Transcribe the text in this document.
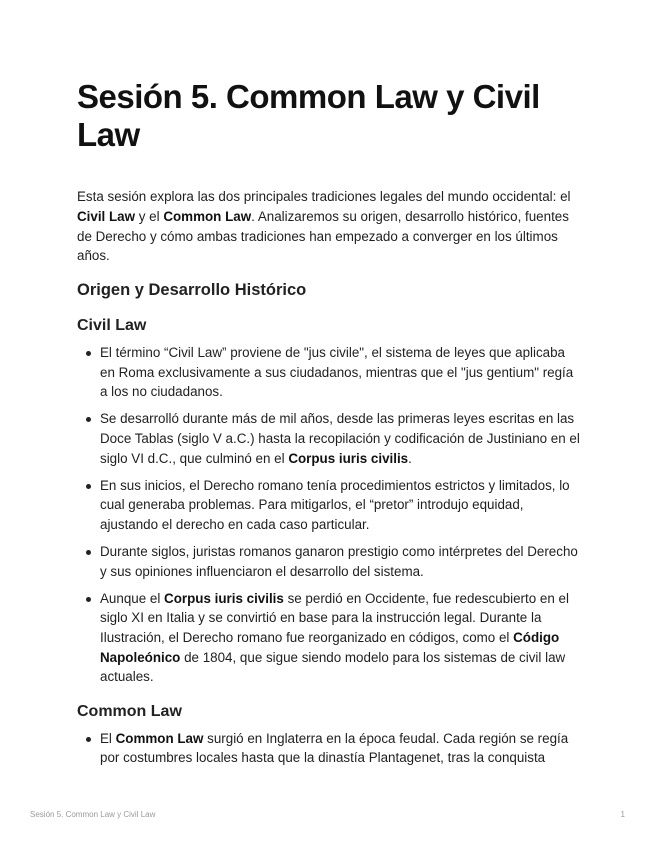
Sesión 5. Common Law y Civil Law

Esta sesión explora las dos principales tradiciones legales del mundo occidental: el Civil Law y el Common Law. Analizaremos su origen, desarrollo histórico, fuentes de Derecho y cómo ambas tradiciones han empezado a converger en los últimos años.

Origen y Desarrollo Histórico
Civil Law
El término “Civil Law” proviene de "jus civile", el sistema de leyes que aplicaba en Roma exclusivamente a sus ciudadanos, mientras que el "jus gentium" regía a los no ciudadanos.
Se desarrolló durante más de mil años, desde las primeras leyes escritas en las Doce Tablas (siglo V a.C.) hasta la recopilación y codificación de Justiniano en el siglo VI d.C., que culminó en el Corpus iuris civilis.
En sus inicios, el Derecho romano tenía procedimientos estrictos y limitados, lo cual generaba problemas. Para mitigarlos, el “pretor” introdujo equidad, ajustando el derecho en cada caso particular.
Durante siglos, juristas romanos ganaron prestigio como intérpretes del Derecho y sus opiniones influenciaron el desarrollo del sistema.
Aunque el Corpus iuris civilis se perdió en Occidente, fue redescubierto en el siglo XI en Italia y se convirtió en base para la instrucción legal. Durante la Ilustración, el Derecho romano fue reorganizado en códigos, como el Código Napoleónico de 1804, que sigue siendo modelo para los sistemas de civil law actuales.
Common Law
El Common Law surgió en Inglaterra en la época feudal. Cada región se regía por costumbres locales hasta que la dinastía Plantagenet, tras la conquista
Sesión 5. Common Law y Civil Law	1
